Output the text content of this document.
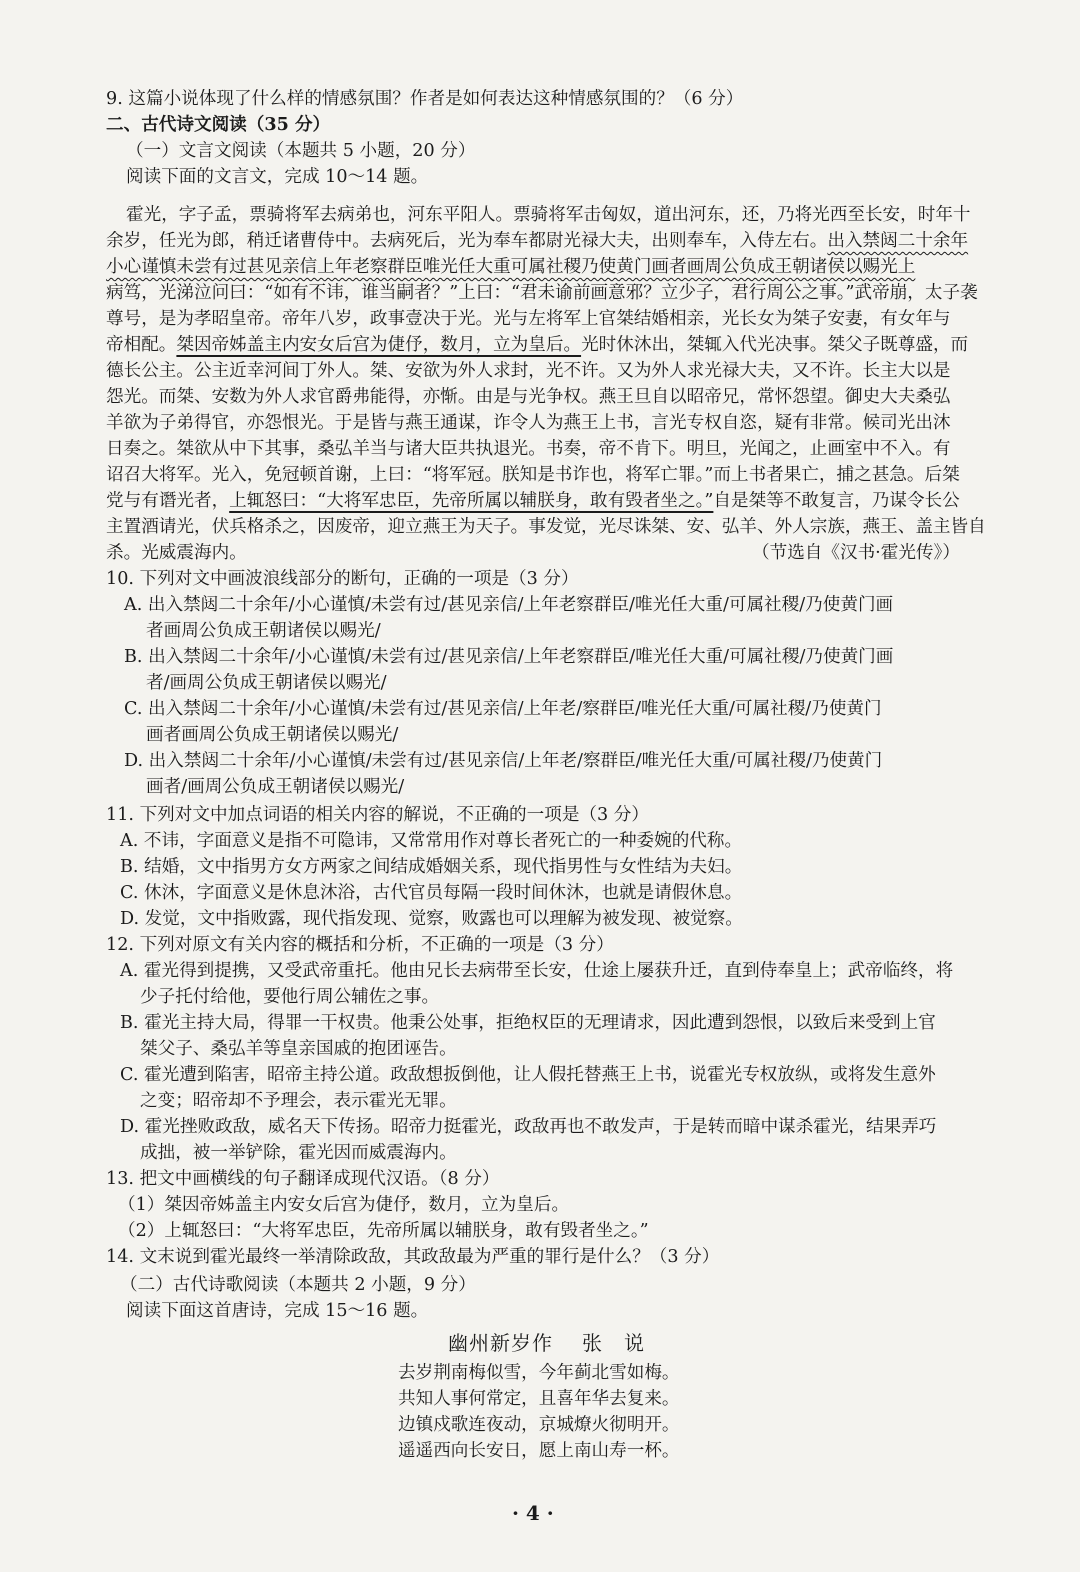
9. 这篇小说体现了什么样的情感氛围？作者是如何表达这种情感氛围的？（6 分）
二、古代诗文阅读（35 分）
（一）文言文阅读（本题共 5 小题，20 分）
阅读下面的文言文，完成 10～14 题。
霍光，字子孟，票骑将军去病弟也，河东平阳人。票骑将军击匈奴，道出河东，还，乃将光西至长安，时年十
余岁，任光为郎，稍迁诸曹侍中。去病死后，光为奉车都尉光禄大夫，出则奉车，入侍左右。出入禁闼二十余年
小心谨慎未尝有过甚见亲信上年老察群臣唯光任大重可属社稷乃使黄门画者画周公负成王朝诸侯以赐光上
病笃，光涕泣问曰：“如有不讳，谁当嗣者？”上曰：“君未谕前画意邪？立少子，君行周公之事。”武帝崩，太子袭
尊号，是为孝昭皇帝。帝年八岁，政事壹决于光。光与左将军上官桀结婚相亲，光长女为桀子安妻，有女年与
帝相配。桀因帝姊盖主内安女后宫为倢伃，数月，立为皇后。光时休沐出，桀辄入代光决事。桀父子既尊盛，而
德长公主。公主近幸河间丁外人。桀、安欲为外人求封，光不许。又为外人求光禄大夫，又不许。长主大以是
怨光。而桀、安数为外人求官爵弗能得，亦惭。由是与光争权。燕王旦自以昭帝兄，常怀怨望。御史大夫桑弘
羊欲为子弟得官，亦怨恨光。于是皆与燕王通谋，诈令人为燕王上书，言光专权自恣，疑有非常。候司光出沐
日奏之。桀欲从中下其事，桑弘羊当与诸大臣共执退光。书奏，帝不肯下。明旦，光闻之，止画室中不入。有
诏召大将军。光入，免冠顿首谢，上曰：“将军冠。朕知是书诈也，将军亡罪。”而上书者果亡，捕之甚急。后桀
党与有谮光者，上辄怒曰：“大将军忠臣，先帝所属以辅朕身，敢有毁者坐之。”自是桀等不敢复言，乃谋令长公
主置酒请光，伏兵格杀之，因废帝，迎立燕王为天子。事发觉，光尽诛桀、安、弘羊、外人宗族，燕王、盖主皆自
杀。光威震海内。	（节选自《汉书·霍光传》）
10. 下列对文中画波浪线部分的断句，正确的一项是（3 分）
A. 出入禁闼二十余年/小心谨慎/未尝有过/甚见亲信/上年老察群臣/唯光任大重/可属社稷/乃使黄门画
者画周公负成王朝诸侯以赐光/
B. 出入禁闼二十余年/小心谨慎/未尝有过/甚见亲信/上年老察群臣/唯光任大重/可属社稷/乃使黄门画
者/画周公负成王朝诸侯以赐光/
C. 出入禁闼二十余年/小心谨慎/未尝有过/甚见亲信/上年老/察群臣/唯光任大重/可属社稷/乃使黄门
画者画周公负成王朝诸侯以赐光/
D. 出入禁闼二十余年/小心谨慎/未尝有过/甚见亲信/上年老/察群臣/唯光任大重/可属社稷/乃使黄门
画者/画周公负成王朝诸侯以赐光/
11. 下列对文中加点词语的相关内容的解说，不正确的一项是（3 分）
A. 不讳，字面意义是指不可隐讳，又常常用作对尊长者死亡的一种委婉的代称。
B. 结婚，文中指男方女方两家之间结成婚姻关系，现代指男性与女性结为夫妇。
C. 休沐，字面意义是休息沐浴，古代官员每隔一段时间休沐，也就是请假休息。
D. 发觉，文中指败露，现代指发现、觉察，败露也可以理解为被发现、被觉察。
12. 下列对原文有关内容的概括和分析，不正确的一项是（3 分）
A. 霍光得到提携，又受武帝重托。他由兄长去病带至长安，仕途上屡获升迁，直到侍奉皇上；武帝临终，将
少子托付给他，要他行周公辅佐之事。
B. 霍光主持大局，得罪一干权贵。他秉公处事，拒绝权臣的无理请求，因此遭到怨恨，以致后来受到上官
桀父子、桑弘羊等皇亲国戚的抱团诬告。
C. 霍光遭到陷害，昭帝主持公道。政敌想扳倒他，让人假托替燕王上书，说霍光专权放纵，或将发生意外
之变；昭帝却不予理会，表示霍光无罪。
D. 霍光挫败政敌，威名天下传扬。昭帝力挺霍光，政敌再也不敢发声，于是转而暗中谋杀霍光，结果弄巧
成拙，被一举铲除，霍光因而威震海内。
13. 把文中画横线的句子翻译成现代汉语。（8 分）
（1）桀因帝姊盖主内安女后宫为倢伃，数月，立为皇后。
（2）上辄怒曰：“大将军忠臣，先帝所属以辅朕身，敢有毁者坐之。”
14. 文末说到霍光最终一举清除政敌，其政敌最为严重的罪行是什么？（3 分）
（二）古代诗歌阅读（本题共 2 小题，9 分）
阅读下面这首唐诗，完成 15～16 题。
幽州新岁作 张　说
去岁荆南梅似雪，今年蓟北雪如梅。
共知人事何常定，且喜年华去复来。
边镇戍歌连夜动，京城燎火彻明开。
遥遥西向长安日，愿上南山寿一杯。
· 4 ·
